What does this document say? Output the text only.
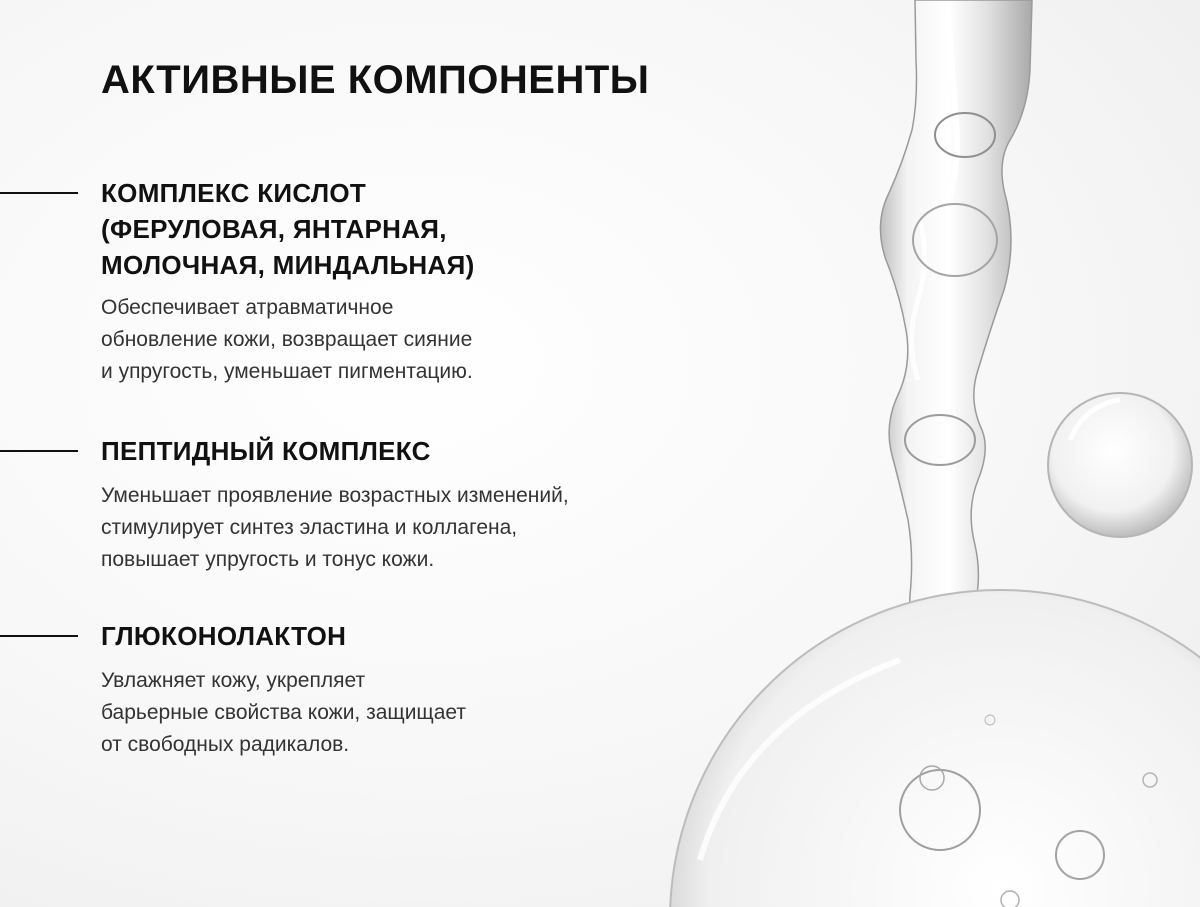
АКТИВНЫЕ КОМПОНЕНТЫ
КОМПЛЕКС КИСЛОТ
(ФЕРУЛОВАЯ, ЯНТАРНАЯ,
МОЛОЧНАЯ, МИНДАЛЬНАЯ)

Обеспечивает атравматичное
обновление кожи, возвращает сияние
и упругость, уменьшает пигментацию.

ПЕПТИДНЫЙ КОМПЛЕКС

Уменьшает проявление возрастных изменений,
стимулирует синтез эластина и коллагена,
повышает упругость и тонус кожи.

ГЛЮКОНОЛАКТОН

Увлажняет кожу, укрепляет
барьерные свойства кожи, защищает
от свободных радикалов.
